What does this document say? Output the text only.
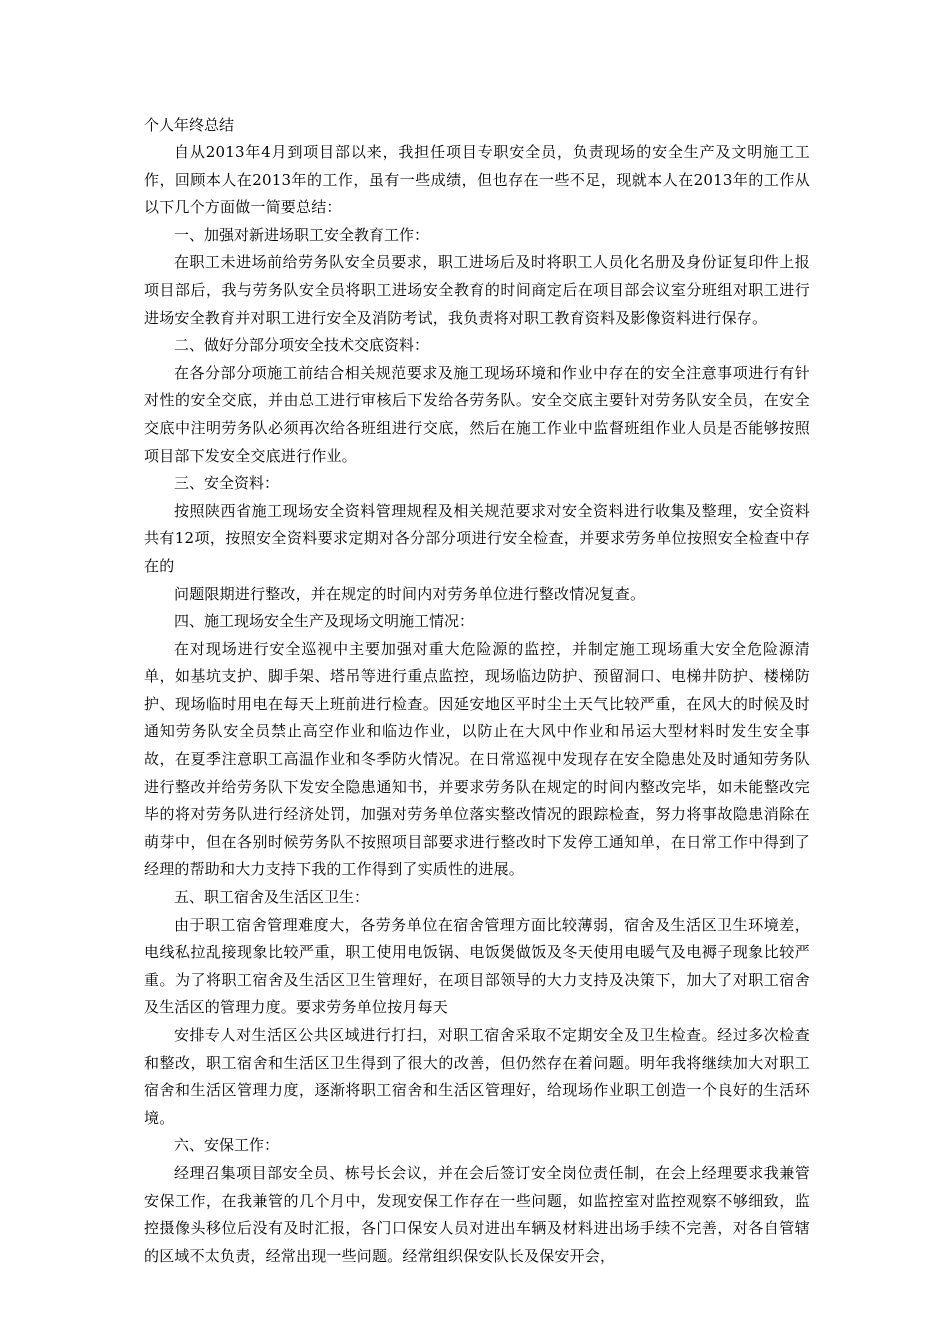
个人年终总结

自从2013年4月到项目部以来，我担任项目专职安全员，负责现场的安全生产及文明施工工作，回顾本人在2013年的工作，虽有一些成绩，但也存在一些不足，现就本人在2013年的工作从以下几个方面做一简要总结：

一、加强对新进场职工安全教育工作：

在职工未进场前给劳务队安全员要求，职工进场后及时将职工人员化名册及身份证复印件上报项目部后，我与劳务队安全员将职工进场安全教育的时间商定后在项目部会议室分班组对职工进行进场安全教育并对职工进行安全及消防考试，我负责将对职工教育资料及影像资料进行保存。

二、做好分部分项安全技术交底资料：

在各分部分项施工前结合相关规范要求及施工现场环境和作业中存在的安全注意事项进行有针对性的安全交底，并由总工进行审核后下发给各劳务队。安全交底主要针对劳务队安全员，在安全交底中注明劳务队必须再次给各班组进行交底，然后在施工作业中监督班组作业人员是否能够按照项目部下发安全交底进行作业。

三、安全资料：

按照陕西省施工现场安全资料管理规程及相关规范要求对安全资料进行收集及整理，安全资料共有12项，按照安全资料要求定期对各分部分项进行安全检查，并要求劳务单位按照安全检查中存在的

问题限期进行整改，并在规定的时间内对劳务单位进行整改情况复查。

四、施工现场安全生产及现场文明施工情况：

在对现场进行安全巡视中主要加强对重大危险源的监控，并制定施工现场重大安全危险源清单，如基坑支护、脚手架、塔吊等进行重点监控，现场临边防护、预留洞口、电梯井防护、楼梯防护、现场临时用电在每天上班前进行检查。因延安地区平时尘土天气比较严重，在风大的时候及时通知劳务队安全员禁止高空作业和临边作业，以防止在大风中作业和吊运大型材料时发生安全事故，在夏季注意职工高温作业和冬季防火情况。在日常巡视中发现存在安全隐患处及时通知劳务队进行整改并给劳务队下发安全隐患通知书，并要求劳务队在规定的时间内整改完毕，如未能整改完毕的将对劳务队进行经济处罚，加强对劳务单位落实整改情况的跟踪检查，努力将事故隐患消除在萌芽中，但在各别时候劳务队不按照项目部要求进行整改时下发停工通知单，在日常工作中得到了经理的帮助和大力支持下我的工作得到了实质性的进展。

五、职工宿舍及生活区卫生：

由于职工宿舍管理难度大，各劳务单位在宿舍管理方面比较薄弱，宿舍及生活区卫生环境差，电线私拉乱接现象比较严重，职工使用电饭锅、电饭煲做饭及冬天使用电暖气及电褥子现象比较严重。为了将职工宿舍及生活区卫生管理好，在项目部领导的大力支持及决策下，加大了对职工宿舍及生活区的管理力度。要求劳务单位按月每天

安排专人对生活区公共区域进行打扫，对职工宿舍采取不定期安全及卫生检查。经过多次检查和整改，职工宿舍和生活区卫生得到了很大的改善，但仍然存在着问题。明年我将继续加大对职工宿舍和生活区管理力度，逐渐将职工宿舍和生活区管理好，给现场作业职工创造一个良好的生活环境。

六、安保工作：

经理召集项目部安全员、栋号长会议，并在会后签订安全岗位责任制，在会上经理要求我兼管安保工作，在我兼管的几个月中，发现安保工作存在一些问题，如监控室对监控观察不够细致，监控摄像头移位后没有及时汇报，各门口保安人员对进出车辆及材料进出场手续不完善，对各自管辖的区域不太负责，经常出现一些问题。经常组织保安队长及保安开会，
